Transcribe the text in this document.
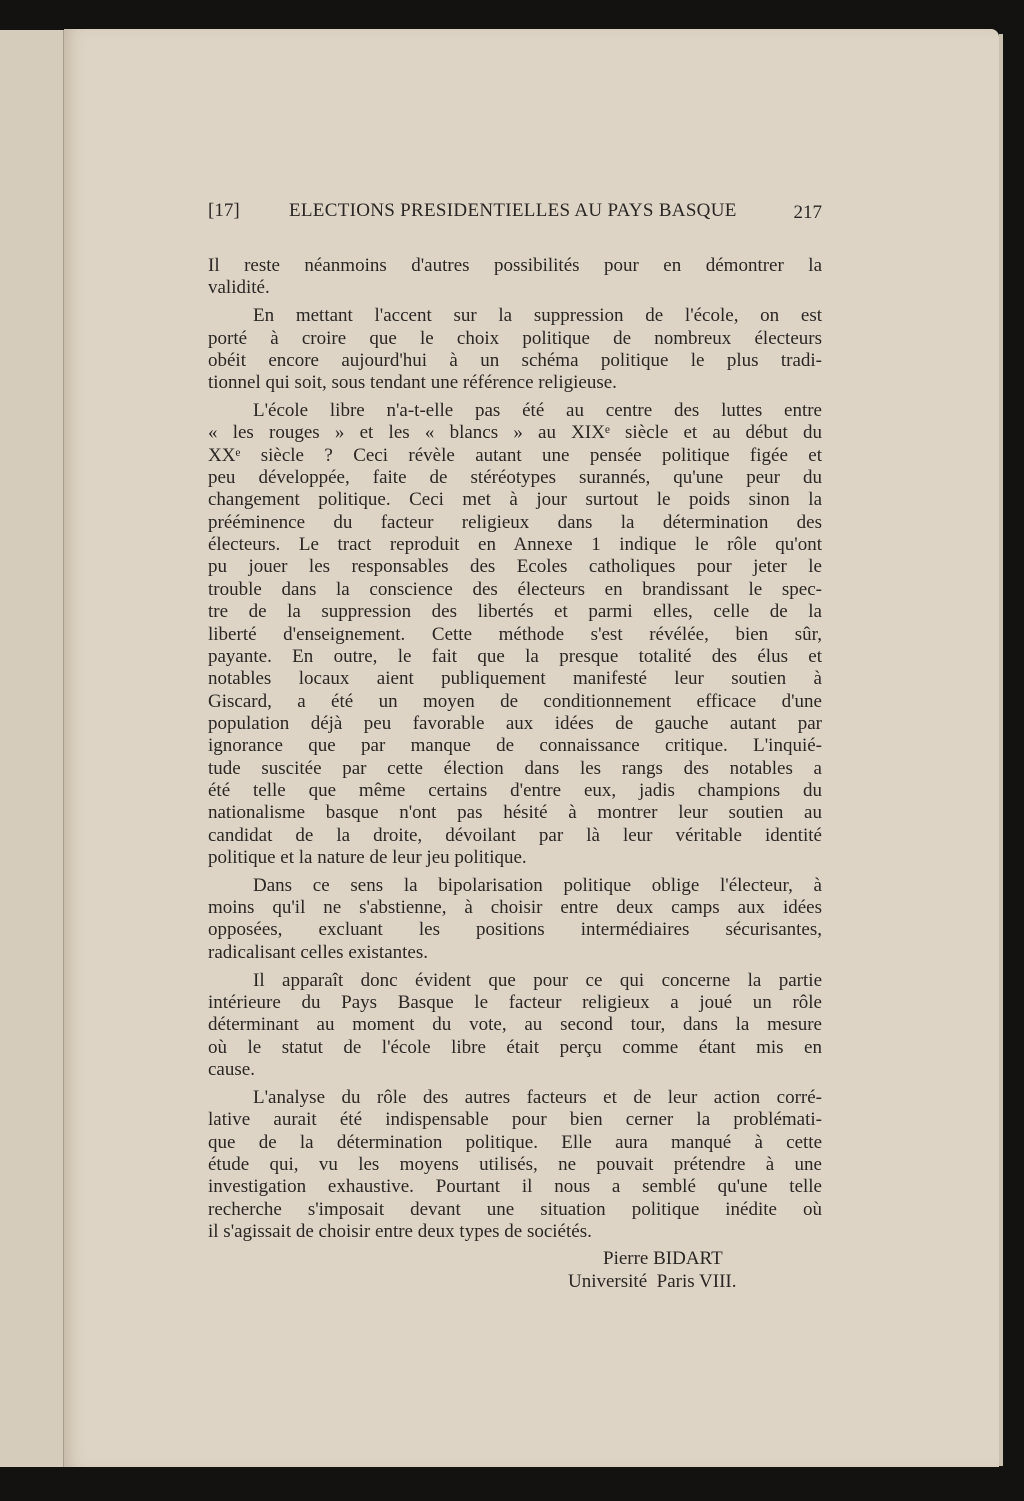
[17]	ELECTIONS PRESIDENTIELLES AU PAYS BASQUE	217
Il reste néanmoins d'autres possibilités pour en démontrer la
validité.
En mettant l'accent sur la suppression de l'école, on est
porté à croire que le choix politique de nombreux électeurs
obéit encore aujourd'hui à un schéma politique le plus tradi-
tionnel qui soit, sous tendant une référence religieuse.
L'école libre n'a-t-elle pas été au centre des luttes entre
« les rouges » et les « blancs » au XIXᵉ siècle et au début du
XXᵉ siècle ? Ceci révèle autant une pensée politique figée et
peu développée, faite de stéréotypes surannés, qu'une peur du
changement politique. Ceci met à jour surtout le poids sinon la
prééminence du facteur religieux dans la détermination des
électeurs. Le tract reproduit en Annexe 1 indique le rôle qu'ont
pu jouer les responsables des Ecoles catholiques pour jeter le
trouble dans la conscience des électeurs en brandissant le spec-
tre de la suppression des libertés et parmi elles, celle de la
liberté d'enseignement. Cette méthode s'est révélée, bien sûr,
payante. En outre, le fait que la presque totalité des élus et
notables locaux aient publiquement manifesté leur soutien à
Giscard, a été un moyen de conditionnement efficace d'une
population déjà peu favorable aux idées de gauche autant par
ignorance que par manque de connaissance critique. L'inquié-
tude suscitée par cette élection dans les rangs des notables a
été telle que même certains d'entre eux, jadis champions du
nationalisme basque n'ont pas hésité à montrer leur soutien au
candidat de la droite, dévoilant par là leur véritable identité
politique et la nature de leur jeu politique.
Dans ce sens la bipolarisation politique oblige l'électeur, à
moins qu'il ne s'abstienne, à choisir entre deux camps aux idées
opposées, excluant les positions intermédiaires sécurisantes,
radicalisant celles existantes.
Il apparaît donc évident que pour ce qui concerne la partie
intérieure du Pays Basque le facteur religieux a joué un rôle
déterminant au moment du vote, au second tour, dans la mesure
où le statut de l'école libre était perçu comme étant mis en
cause.
L'analyse du rôle des autres facteurs et de leur action corré-
lative aurait été indispensable pour bien cerner la problémati-
que de la détermination politique. Elle aura manqué à cette
étude qui, vu les moyens utilisés, ne pouvait prétendre à une
investigation exhaustive. Pourtant il nous a semblé qu'une telle
recherche s'imposait devant une situation politique inédite où
il s'agissait de choisir entre deux types de sociétés.
Pierre BIDART
Université  Paris VIII.
